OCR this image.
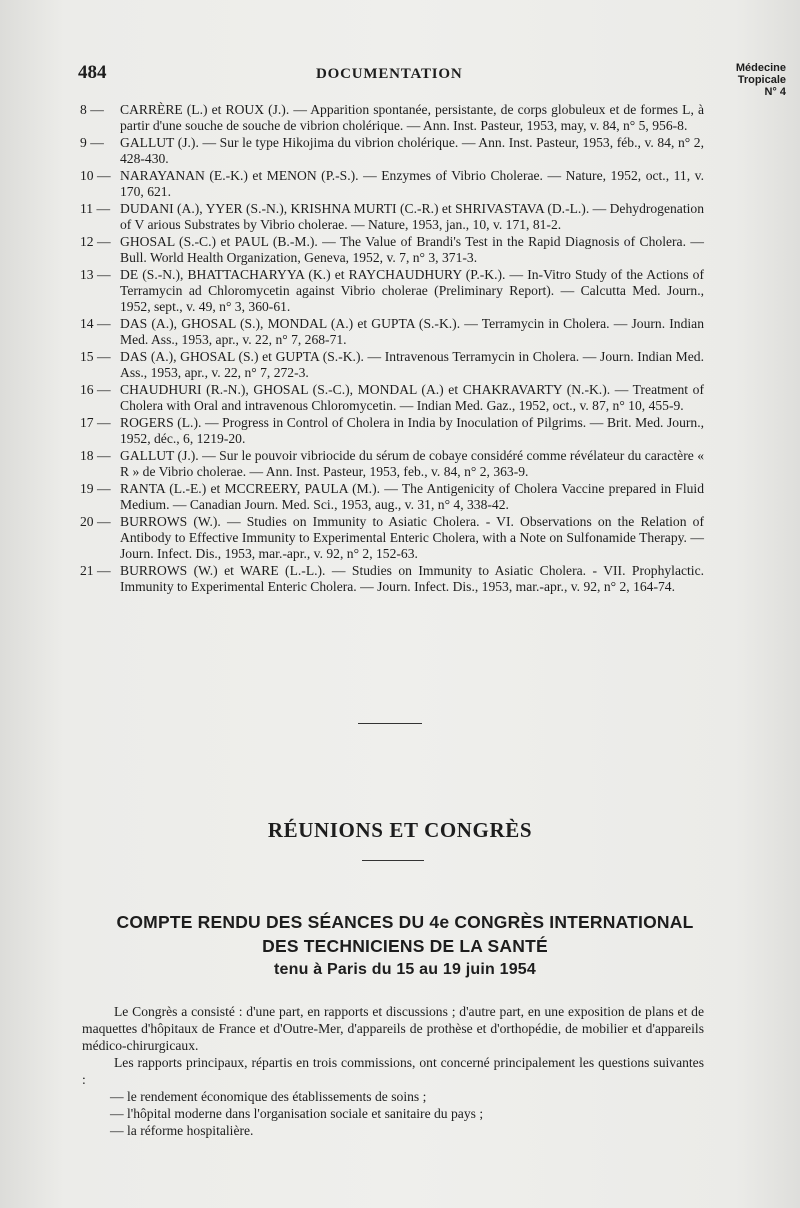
484	DOCUMENTATION	Médecine
Tropicale
N° 4
8 —	CARRÈRE (L.) et ROUX (J.). — Apparition spontanée, persistante, de corps globuleux et de formes L, à partir d'une souche de souche de vibrion cholérique. — Ann. Inst. Pasteur, 1953, may, v. 84, n° 5, 956-8.
9 —	GALLUT (J.). — Sur le type Hikojima du vibrion cholérique. — Ann. Inst. Pasteur, 1953, féb., v. 84, n° 2, 428-430.
10 — NARAYANAN (E.-K.) et MENON (P.-S.). — Enzymes of Vibrio Cholerae. — Nature, 1952, oct., 11, v. 170, 621.
11 — DUDANI (A.), YYER (S.-N.), KRISHNA MURTI (C.-R.) et SHRIVASTAVA (D.-L.). — Dehydrogenation of V arious Substrates by Vibrio cholerae. — Nature, 1953, jan., 10, v. 171, 81-2.
12 — GHOSAL (S.-C.) et PAUL (B.-M.). — The Value of Brandi's Test in the Rapid Diagnosis of Cholera. — Bull. World Health Organization, Geneva, 1952, v. 7, n° 3, 371-3.
13 — DE (S.-N.), BHATTACHARYYA (K.) et RAYCHAUDHURY (P.-K.). — In-Vitro Study of the Actions of Terramycin ad Chloromycetin against Vibrio cholerae (Preliminary Report). — Calcutta Med. Journ., 1952, sept., v. 49, n° 3, 360-61.
14 — DAS (A.), GHOSAL (S.), MONDAL (A.) et GUPTA (S.-K.). — Terramycin in Cholera. — Journ. Indian Med. Ass., 1953, apr., v. 22, n° 7, 268-71.
15 — DAS (A.), GHOSAL (S.) et GUPTA (S.-K.). — Intravenous Terramycin in Cholera. — Journ. Indian Med. Ass., 1953, apr., v. 22, n° 7, 272-3.
16 — CHAUDHURI (R.-N.), GHOSAL (S.-C.), MONDAL (A.) et CHAKRAVARTY (N.-K.). — Treatment of Cholera with Oral and intravenous Chloromycetin. — Indian Med. Gaz., 1952, oct., v. 87, n° 10, 455-9.
17 — ROGERS (L.). — Progress in Control of Cholera in India by Inoculation of Pilgrims. — Brit. Med. Journ., 1952, déc., 6, 1219-20.
18 — GALLUT (J.). — Sur le pouvoir vibriocide du sérum de cobaye considéré comme révélateur du caractère « R » de Vibrio cholerae. — Ann. Inst. Pasteur, 1953, feb., v. 84, n° 2, 363-9.
19 — RANTA (L.-E.) et MCCREERY, PAULA (M.). — The Antigenicity of Cholera Vaccine prepared in Fluid Medium. — Canadian Journ. Med. Sci., 1953, aug., v. 31, n° 4, 338-42.
20 — BURROWS (W.). — Studies on Immunity to Asiatic Cholera. - VI. Observations on the Relation of Antibody to Effective Immunity to Experimental Enteric Cholera, with a Note on Sulfonamide Therapy. — Journ. Infect. Dis., 1953, mar.-apr., v. 92, n° 2, 152-63.
21 — BURROWS (W.) et WARE (L.-L.). — Studies on Immunity to Asiatic Cholera. - VII. Prophylactic. Immunity to Experimental Enteric Cholera. — Journ. Infect. Dis., 1953, mar.-apr., v. 92, n° 2, 164-74.
RÉUNIONS ET CONGRÈS
COMPTE RENDU DES SÉANCES DU 4e CONGRÈS INTERNATIONAL
DES TECHNICIENS DE LA SANTÉ
tenu à Paris du 15 au 19 juin 1954
Le Congrès a consisté : d'une part, en rapports et discussions ; d'autre part, en une exposition de plans et de maquettes d'hôpitaux de France et d'Outre-Mer, d'appareils de prothèse et d'orthopédie, de mobilier et d'appareils médico-chirurgicaux.
Les rapports principaux, répartis en trois commissions, ont concerné principalement les questions suivantes :
— le rendement économique des établissements de soins ;
— l'hôpital moderne dans l'organisation sociale et sanitaire du pays ;
— la réforme hospitalière.
